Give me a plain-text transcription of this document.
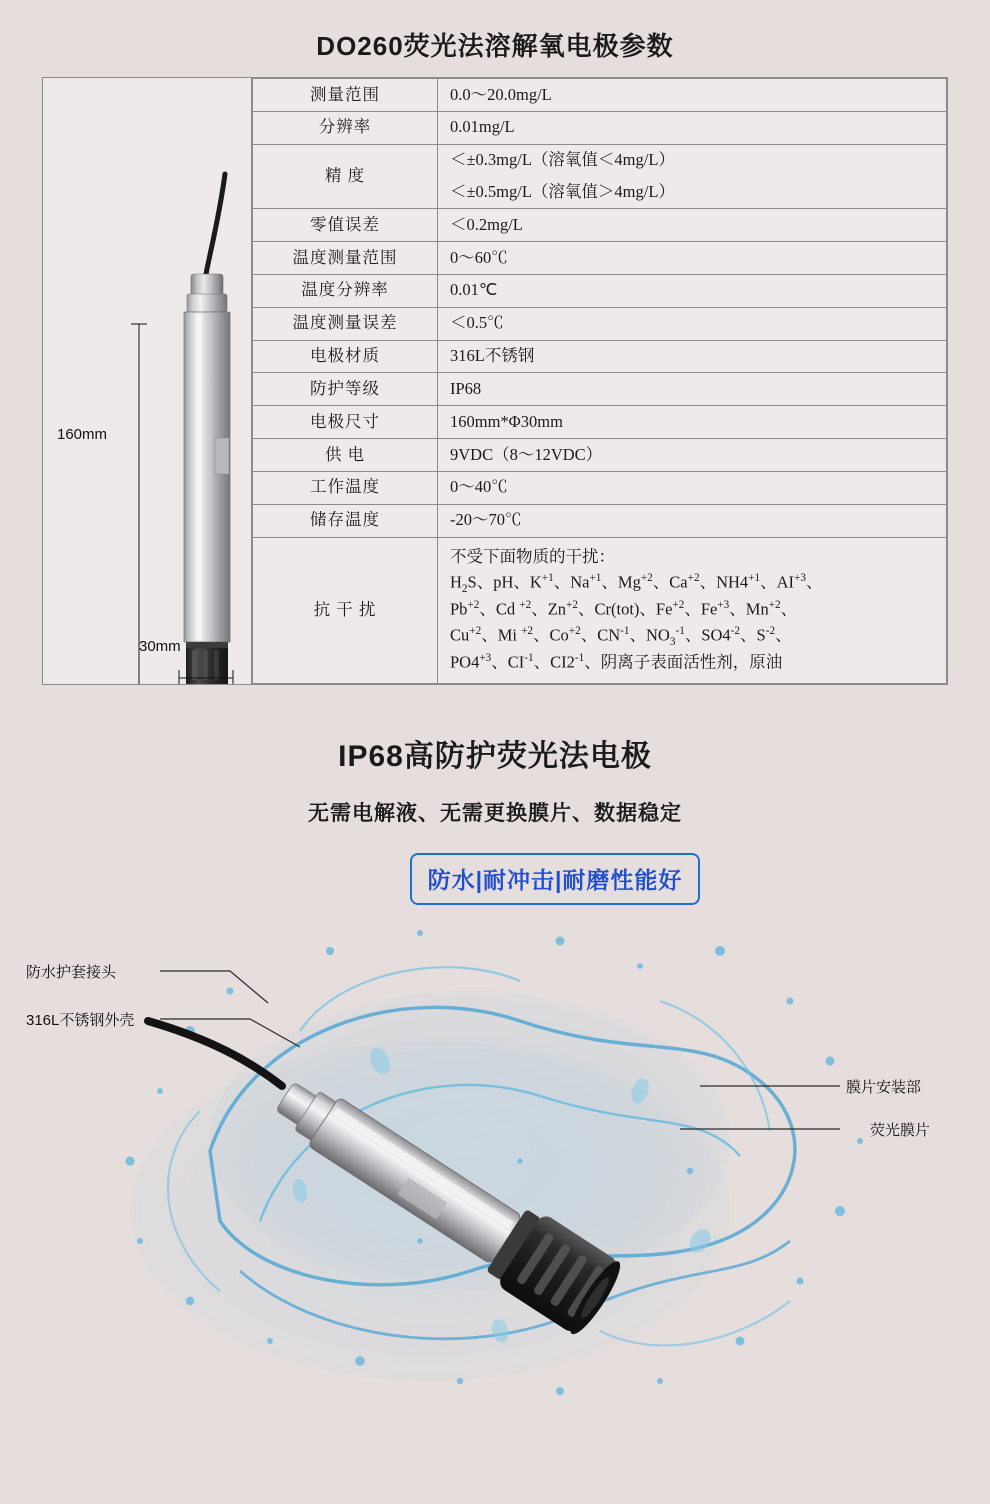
DO260荧光法溶解氧电极参数
160mm
30mm
测量范围	0.0～20.0mg/L
分辨率	0.01mg/L
精 度	＜±0.3mg/L（溶氧值＜4mg/L）
	＜±0.5mg/L（溶氧值＞4mg/L）
零值误差	＜0.2mg/L
温度测量范围	0～60℃
温度分辨率	0.01℃
温度测量误差	＜0.5℃
电极材质	316L不锈钢
防护等级	IP68
电极尺寸	160mm*Φ30mm
供 电	9VDC（8～12VDC）
工作温度	0～40℃
储存温度	-20～70℃
抗 干 扰	不受下面物质的干扰：
$H_2S$、pH、$K^{+1}$、$Na^{+1}$、$Mg^{+2}$、$Ca^{+2}$、$NH4^{+1}$、$AI^{+3}$、
$Pb^{+2}$、Cd $^{+2}$、$Zn^{+2}$、Cr(tot)、$Fe^{+2}$、$Fe^{+3}$、$Mn^{+2}$、
$Cu^{+2}$、Mi $^{+2}$、$Co^{+2}$、$CN^{-1}$、$NO_3^{-1}$、$SO4^{-2}$、$S^{-2}$、
$PO4^{+3}$、$CI^{-1}$、$CI2^{-1}$、阴离子表面活性剂，原油
IP68高防护荧光法电极
无需电解液、无需更换膜片、数据稳定
防水|耐冲击|耐磨性能好
防水护套接头
316L不锈钢外壳
膜片安装部
荧光膜片
